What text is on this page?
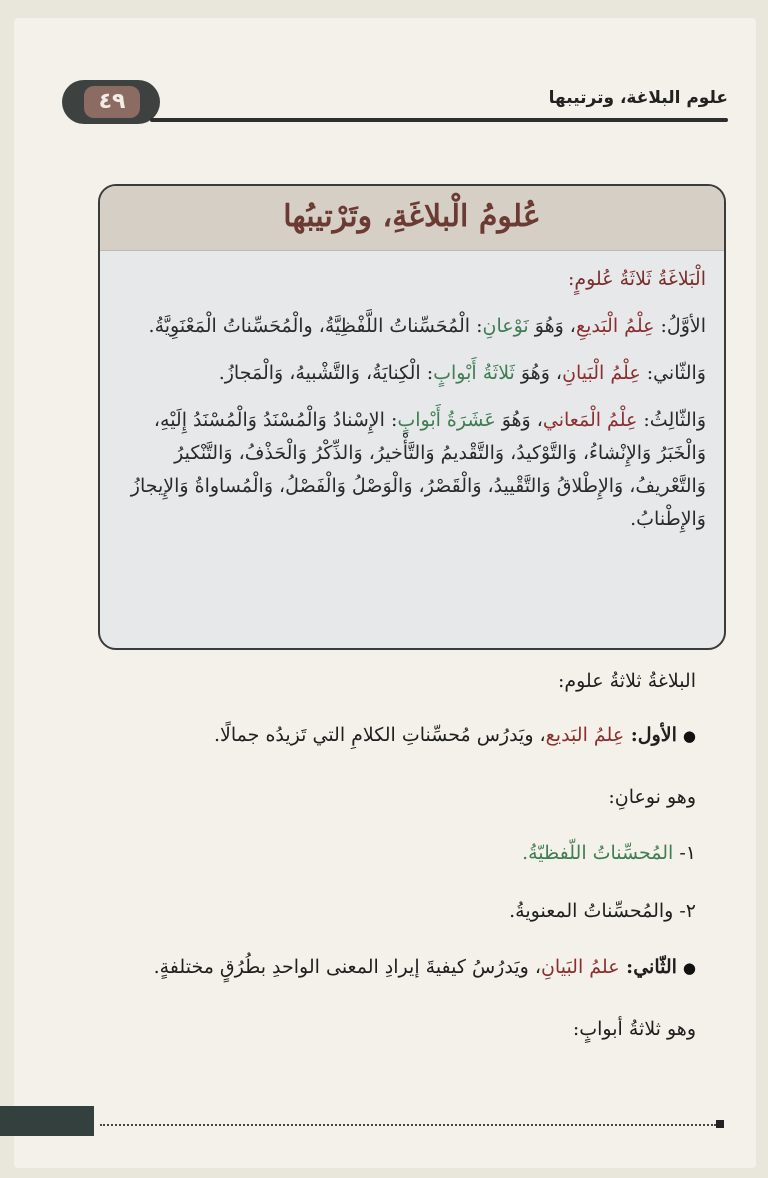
٤٩	علوم البلاغة، وترتيبها
عُلومُ الْبلاغَةِ، وتَرْتيبُها

الْبَلاغَةُ ثَلاثَةُ عُلومٍ:

الأوَّلُ: عِلْمُ الْبَديعِ، وَهُوَ نَوْعانِ: الْمُحَسِّناتُ اللَّفْظِيَّةُ، والْمُحَسِّناتُ الْمَعْنَوِيَّةُ.

وَالثّاني: عِلْمُ الْبَيانِ، وَهُوَ ثَلاثَةُ أَبْوابٍ: الْكِنايَةُ، وَالتَّشْبيهُ، وَالْمَجازُ.

وَالثّالِثُ: عِلْمُ الْمَعاني، وَهُوَ عَشَرَةُ أَبْوابٍ: الإِسْنادُ وَالْمُسْنَدُ وَالْمُسْنَدُ إِلَيْهِ، وَالْخَبَرُ وَالإِنْشاءُ، وَالتَّوْكيدُ، وَالتَّقْديمُ وَالتَّأْخيرُ، وَالذِّكْرُ وَالْحَذْفُ، وَالتَّنْكيرُ وَالتَّعْريفُ، وَالإِطْلاقُ وَالتَّقْييدُ، وَالْقَصْرُ، وَالْوَصْلُ وَالْفَصْلُ، وَالْمُساواةُ وَالإِيجازُ وَالإِطْنابُ.

البلاغةُ ثلاثةُ علوم:
●الأول: عِلمُ البَديع، ويَدرُس مُحسِّناتِ الكلامِ التي تَزيدُه جمالًا.
وهو نوعانِ:
١- المُحسِّناتُ اللّفظيّةُ.
٢- والمُحسِّناتُ المعنويةُ.
●الثّاني: علمُ البَيانِ، ويَدرُسُ كيفيةَ إيرادِ المعنى الواحدِ بطُرُقٍ مختلفةٍ.
وهو ثلاثةُ أبوابٍ:
